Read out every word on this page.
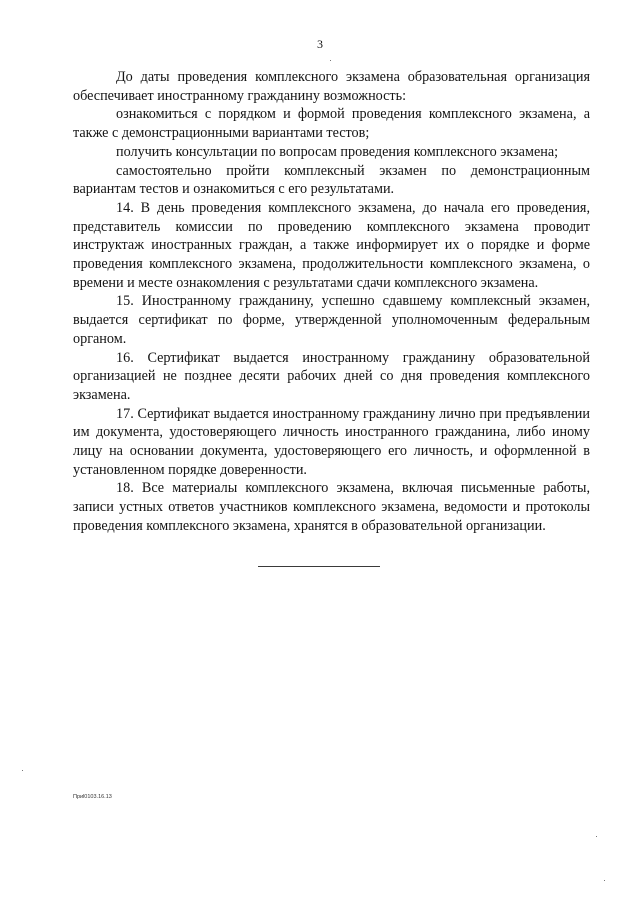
3

До даты проведения комплексного экзамена образовательная организация обеспечивает иностранному гражданину возможность:

ознакомиться с порядком и формой проведения комплексного экзамена, а также с демонстрационными вариантами тестов;

получить консультации по вопросам проведения комплексного экзамена;

самостоятельно пройти комплексный экзамен по демонстрационным вариантам тестов и ознакомиться с его результатами.

14. В день проведения комплексного экзамена, до начала его проведения, представитель комиссии по проведению комплексного экзамена проводит инструктаж иностранных граждан, а также информирует их о порядке и форме проведения комплексного экзамена, продолжительности комплексного экзамена, о времени и месте ознакомления с результатами сдачи комплексного экзамена.

15. Иностранному гражданину, успешно сдавшему комплексный экзамен, выдается сертификат по форме, утвержденной уполномоченным федеральным органом.

16. Сертификат выдается иностранному гражданину образовательной организацией не позднее десяти рабочих дней со дня проведения комплексного экзамена.

17. Сертификат выдается иностранному гражданину лично при предъявлении им документа, удостоверяющего личность иностранного гражданина, либо иному лицу на основании документа, удостоверяющего его личность, и оформленной в установленном порядке доверенности.

18. Все материалы комплексного экзамена, включая письменные работы, записи устных ответов участников комплексного экзамена, ведомости и протоколы проведения комплексного экзамена, хранятся в образовательной организации.

Приl0103.16.13
